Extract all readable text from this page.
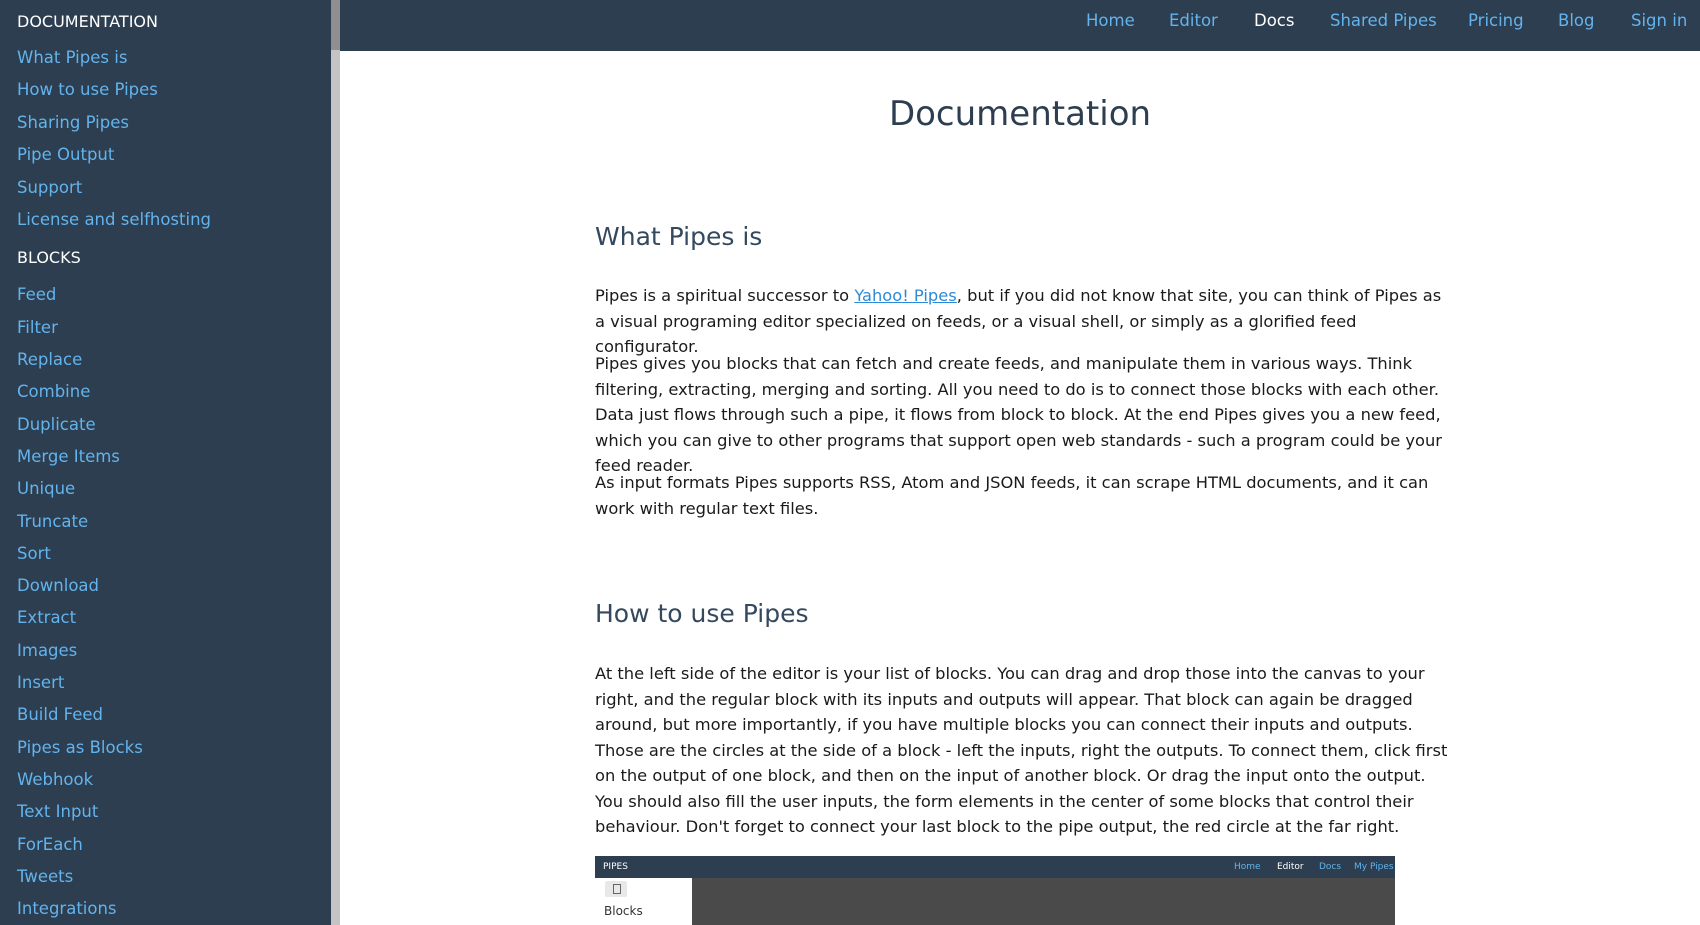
DOCUMENTATION
What Pipes is
How to use Pipes
Sharing Pipes
Pipe Output
Support
License and selfhosting
BLOCKS
Feed
Filter
Replace
Combine
Duplicate
Merge Items
Unique
Truncate
Sort
Download
Extract
Images
Insert
Build Feed
Pipes as Blocks
Webhook
Text Input
ForEach
Tweets
Integrations
Home Editor Docs Shared Pipes Pricing Blog Sign in
Documentation
What Pipes is

Pipes is a spiritual successor to Yahoo! Pipes, but if you did not know that site, you can think of Pipes as a visual programing editor specialized on feeds, or a visual shell, or simply as a glorified feed configurator.

Pipes gives you blocks that can fetch and create feeds, and manipulate them in various ways. Think filtering, extracting, merging and sorting. All you need to do is to connect those blocks with each other. Data just flows through such a pipe, it flows from block to block. At the end Pipes gives you a new feed, which you can give to other programs that support open web standards - such a program could be your feed reader.

As input formats Pipes supports RSS, Atom and JSON feeds, it can scrape HTML documents, and it can work with regular text files.

How to use Pipes

At the left side of the editor is your list of blocks. You can drag and drop those into the canvas to your right, and the regular block with its inputs and outputs will appear. That block can again be dragged around, but more importantly, if you have multiple blocks you can connect their inputs and outputs. Those are the circles at the side of a block - left the inputs, right the outputs. To connect them, click first on the output of one block, and then on the input of another block. Or drag the input onto the output. You should also fill the user inputs, the form elements in the center of some blocks that control their behaviour. Don't forget to connect your last block to the pipe output, the red circle at the far right.

PIPES	Home Editor Docs My Pipes
Blocks
